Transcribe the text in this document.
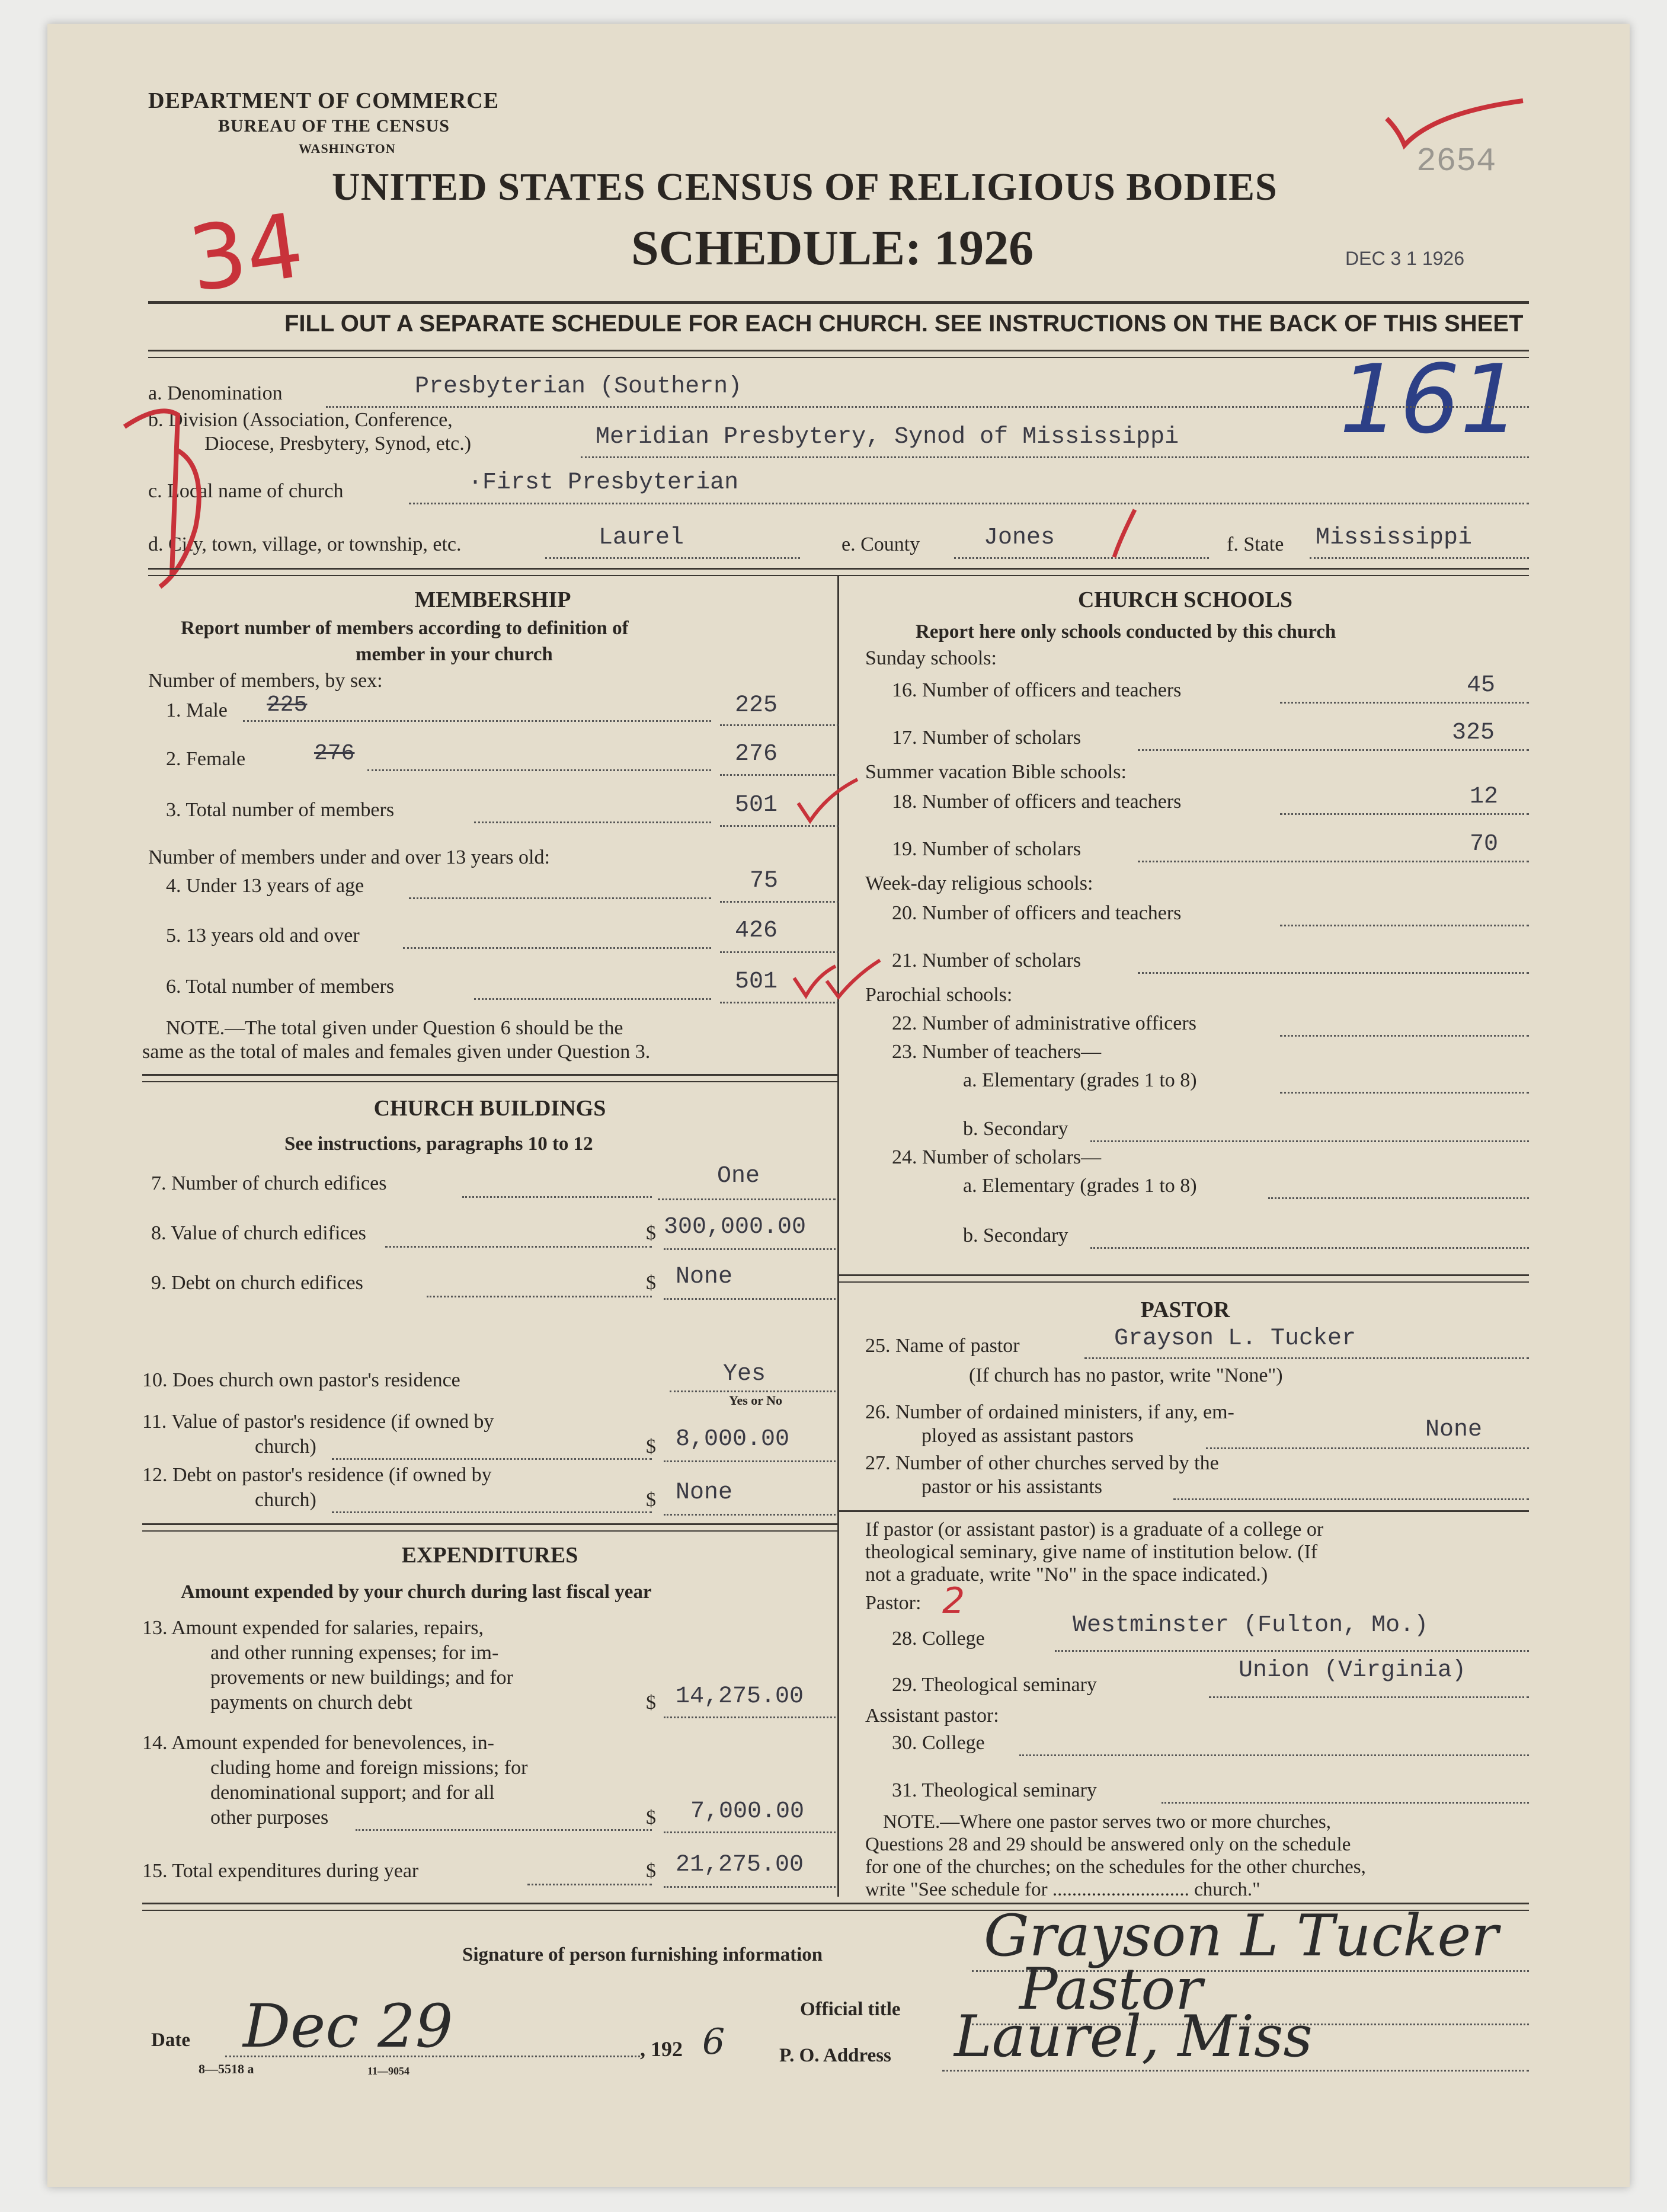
DEPARTMENT OF COMMERCE
BUREAU OF THE CENSUS
WASHINGTON
UNITED STATES CENSUS OF RELIGIOUS BODIES
SCHEDULE: 1926
2654
DEC 3 1 1926
34
161
FILL OUT A SEPARATE SCHEDULE FOR EACH CHURCH. SEE INSTRUCTIONS ON THE BACK OF THIS SHEET
a. Denomination	Presbyterian (Southern)
b. Division (Association, Conference,
Diocese, Presbytery, Synod, etc.)	Meridian Presbytery, Synod of Mississippi
c. Local name of church	·First Presbyterian
d. City, town, village, or township, etc.	Laurel	e. County	Jones	f. State Mississippi
MEMBERSHIP
Report number of members according to definition of
member in your church
Number of members, by sex:
1. Male 225	225
2. Female	276	276
3. Total number of members	501
Number of members under and over 13 years old:
4. Under 13 years of age	75
5. 13 years old and over	426
6. Total number of members	501
NOTE.—The total given under Question 6 should be the
same as the total of males and females given under Question 3.
CHURCH BUILDINGS
See instructions, paragraphs 10 to 12
7. Number of church edifices	One
8. Value of church edifices	$ 300,000.00
9. Debt on church edifices	$ None
10. Does church own pastor's residence	Yes
Yes or No
11. Value of pastor's residence (if owned by
church)	$ 8,000.00
12. Debt on pastor's residence (if owned by
church)	$ None
EXPENDITURES
Amount expended by your church during last fiscal year
13. Amount expended for salaries, repairs,
and other running expenses; for im-
provements or new buildings; and for
payments on church debt	$ 14,275.00
14. Amount expended for benevolences, in-
cluding home and foreign missions; for
denominational support; and for all
other purposes	$ 7,000.00
15. Total expenditures during year	$ 21,275.00
CHURCH SCHOOLS
Report here only schools conducted by this church
Sunday schools:
16. Number of officers and teachers	45
17. Number of scholars	325
Summer vacation Bible schools:
18. Number of officers and teachers	12
19. Number of scholars	70
Week-day religious schools:
20. Number of officers and teachers
21. Number of scholars
Parochial schools:
22. Number of administrative officers
23. Number of teachers—
a. Elementary (grades 1 to 8)
b. Secondary
24. Number of scholars—
a. Elementary (grades 1 to 8)
b. Secondary
PASTOR
25. Name of pastor	Grayson L. Tucker
(If church has no pastor, write "None")
26. Number of ordained ministers, if any, em-
ployed as assistant pastors	None
27. Number of other churches served by the
pastor or his assistants
If pastor (or assistant pastor) is a graduate of a college or
theological seminary, give name of institution below. (If
not a graduate, write "No" in the space indicated.)
Pastor: 2
28. College	Westminster (Fulton, Mo.)
29. Theological seminary
Union (Virginia)
Assistant pastor:
30. College
31. Theological seminary
NOTE.—Where one pastor serves two or more churches,
Questions 28 and 29 should be answered only on the schedule
for one of the churches; on the schedules for the other churches,
write "See schedule for ............................ church."
Signature of person furnishing information	Grayson L Tucker
Official title Pastor
Date Dec 29	, 192 6	P. O. Address Laurel, Miss
8—5518 a	11—9054
